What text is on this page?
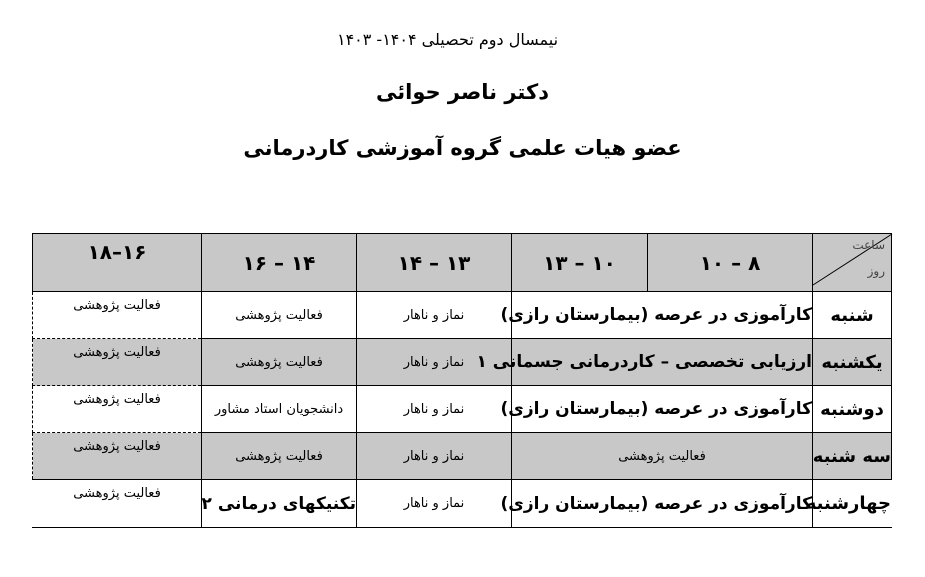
نیمسال دوم تحصیلی ۱۴۰۴- ۱۴۰۳
دکتر ناصر حوائی
عضو هیات علمی گروه آموزشی کاردرمانی
۱۶–۱۸	۱۴ – ۱۶	۱۳ – ۱۴	۱۰ – ۱۳	۸ – ۱۰	ساعت
روز

فعالیت پژوهشی	فعالیت پژوهشی	نماز و ناهار	کارآموزی در عرصه (بیمارستان رازی)		شنبه
فعالیت پژوهشی	فعالیت پژوهشی	نماز و ناهار	ارزیابی تخصصی – کاردرمانی جسمانی ۱		یکشنبه
فعالیت پژوهشی	دانشجویان استاد مشاور	نماز و ناهار	کارآموزی در عرصه (بیمارستان رازی)		دوشنبه
فعالیت پژوهشی	فعالیت پژوهشی	نماز و ناهار	فعالیت پژوهشی		سه شنبه
فعالیت پژوهشی	تکنیکهای درمانی ۲	نماز و ناهار	کارآموزی در عرصه (بیمارستان رازی)		چهارشنبه
